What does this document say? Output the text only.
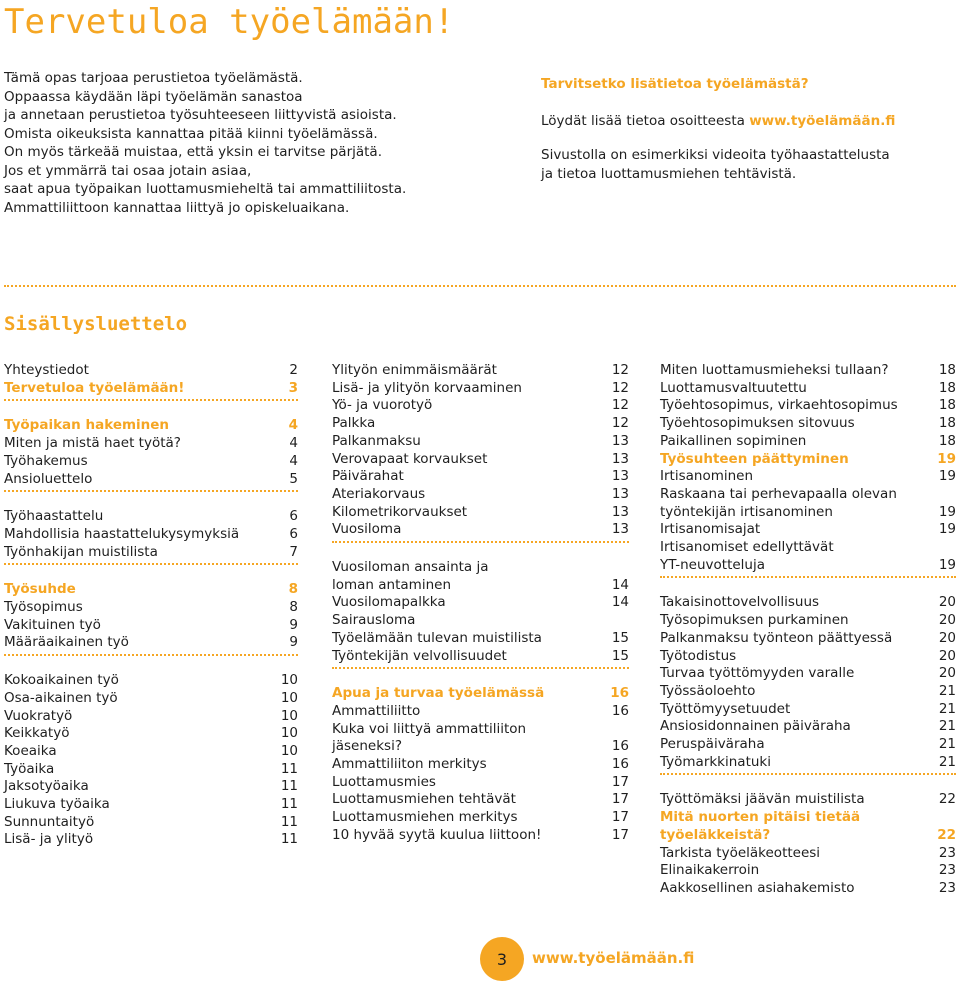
Tervetuloa työelämään!
Tämä opas tarjoaa perustietoa työelämästä.
Oppaassa käydään läpi työelämän sanastoa
ja annetaan perustietoa työsuhteeseen liittyvistä asioista.
Omista oikeuksista kannattaa pitää kiinni työelämässä.
On myös tärkeää muistaa, että yksin ei tarvitse pärjätä.
Jos et ymmärrä tai osaa jotain asiaa,
saat apua työpaikan luottamusmieheltä tai ammattiliitosta.
Ammattiliittoon kannattaa liittyä jo opiskeluaikana.
Tarvitsetko lisätietoa työelämästä?
Löydät lisää tietoa osoitteesta www.työelämään.fi
Sivustolla on esimerkiksi videoita työhaastattelusta
ja tietoa luottamusmiehen tehtävistä.
Sisällysluettelo
Yhteystiedot	2
Tervetuloa työelämään!	3
Työpaikan hakeminen	4
Miten ja mistä haet työtä?	4
Työhakemus	4
Ansioluettelo	5
Työhaastattelu	6
Mahdollisia haastattelukysymyksiä	6
Työnhakijan muistilista	7
Työsuhde	8
Työsopimus	8
Vakituinen työ	9
Määräaikainen työ	9
Kokoaikainen työ	10
Osa-aikainen työ	10
Vuokratyö	10
Keikkatyö	10
Koeaika	10
Työaika	11
Jaksotyöaika	11
Liukuva työaika	11
Sunnuntaityö	11
Lisä- ja ylityö	11
Ylityön enimmäismäärät	12
Lisä- ja ylityön korvaaminen	12
Yö- ja vuorotyö	12
Palkka	12
Palkanmaksu	13
Verovapaat korvaukset	13
Päivärahat	13
Ateriakorvaus	13
Kilometrikorvaukset	13
Vuosiloma	13
Vuosiloman ansainta ja
loman antaminen	14
Vuosilomapalkka	14
Sairausloma
Työelämään tulevan muistilista	15
Työntekijän velvollisuudet	15
Apua ja turvaa työelämässä	16
Ammattiliitto	16
Kuka voi liittyä ammattiliiton
jäseneksi?	16
Ammattiliiton merkitys	16
Luottamusmies	17
Luottamusmiehen tehtävät	17
Luottamusmiehen merkitys	17
10 hyvää syytä kuulua liittoon!	17
Miten luottamusmieheksi tullaan?	18
Luottamusvaltuutettu	18
Työehtosopimus, virkaehtosopimus	18
Työehtosopimuksen sitovuus	18
Paikallinen sopiminen	18
Työsuhteen päättyminen	19
Irtisanominen	19
Raskaana tai perhevapaalla olevan
työntekijän irtisanominen	19
Irtisanomisajat	19
Irtisanomiset edellyttävät
YT-neuvotteluja	19
Takaisinottovelvollisuus	20
Työsopimuksen purkaminen	20
Palkanmaksu työnteon päättyessä	20
Työtodistus	20
Turvaa työttömyyden varalle	20
Työssäoloehto	21
Työttömyysetuudet	21
Ansiosidonnainen päiväraha	21
Peruspäiväraha	21
Työmarkkinatuki	21
Työttömäksi jäävän muistilista	22
Mitä nuorten pitäisi tietää
työeläkkeistä?	22
Tarkista työeläkeotteesi	23
Elinaikakerroin	23
Aakkosellinen asiahakemisto	23
3	www.työelämään.fi
